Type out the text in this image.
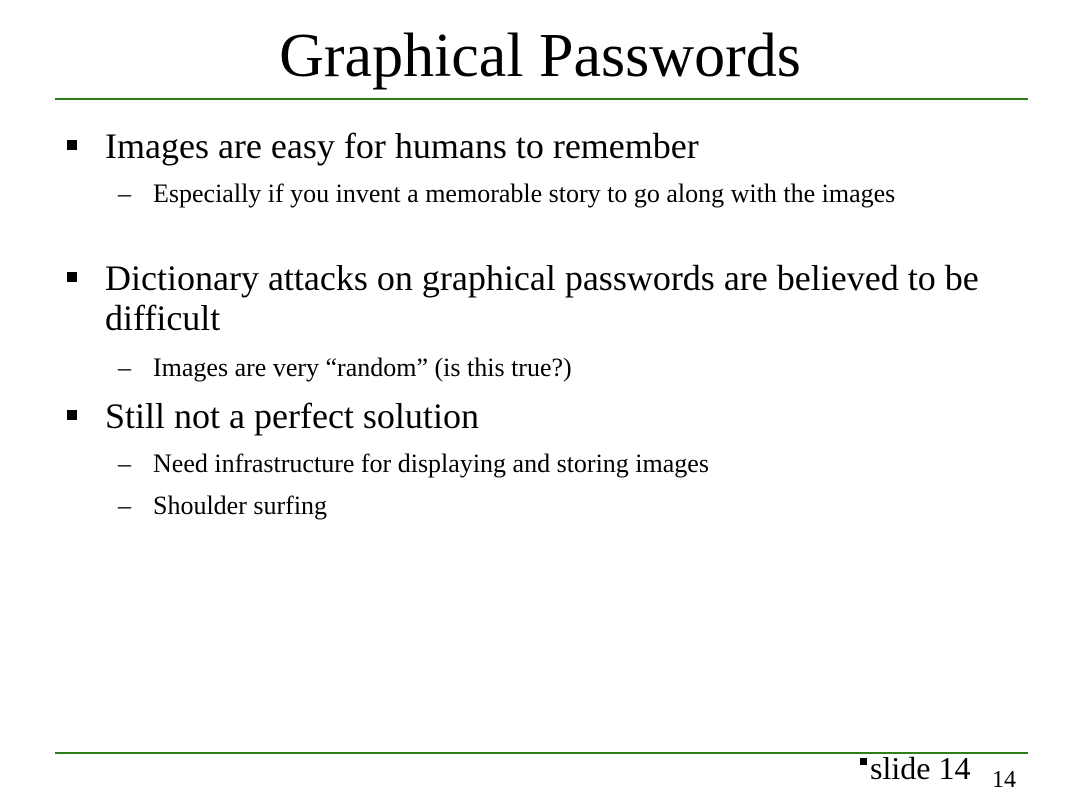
Graphical Passwords
Images are easy for humans to remember
– Especially if you invent a memorable story to go along with the images
Dictionary attacks on graphical passwords are believed to be difficult
– Images are very “random” (is this true?)
Still not a perfect solution
– Need infrastructure for displaying and storing images
– Shoulder surfing
slide 14 14
